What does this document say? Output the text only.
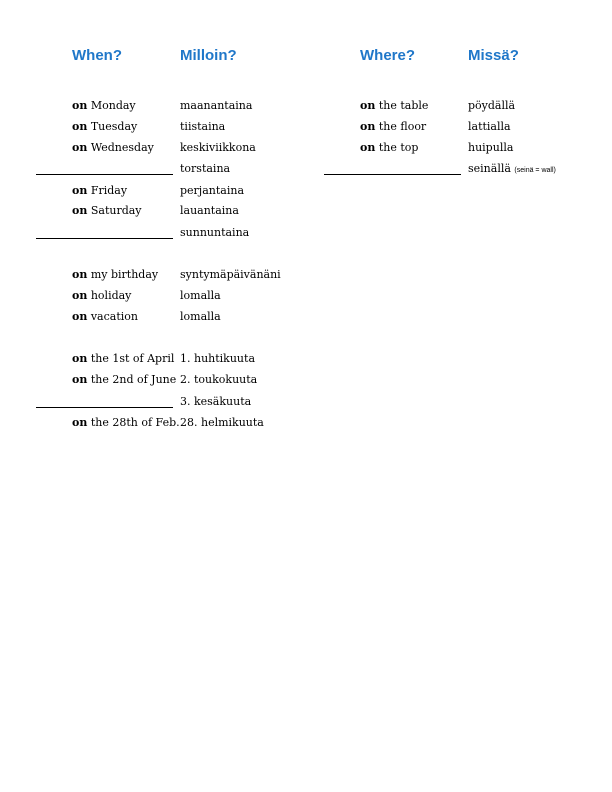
When?	Milloin?	Where?	Missä?
on Monday	maanantaina
on Tuesday	tiistaina
on Wednesday keskiviikkona
torstaina
on Friday	perjantaina
on Saturday	lauantaina
sunnuntaina
on my birthday syntymäpäivänäni
on holiday	lomalla
on vacation	lomalla
on the 1st of April 1. huhtikuuta
on the 2nd of June 2. toukokuuta
3. kesäkuuta
on the 28th of Feb. 28. helmikuuta
on the table	pöydällä
on the floor	lattialla
on the top	huipulla
seinällä (seinä = wall)
